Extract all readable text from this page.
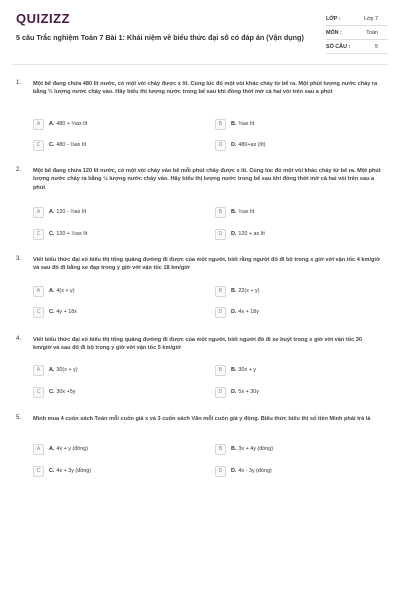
QUIZIZZ
5 câu Trắc nghiệm Toán 7 Bài 1: Khái niệm về biểu thức đại số có đáp án (Vận dụng)
LỚP :	Lớp 7
MÔN :	Toán
SỐ CÂU :	5
1. Một bể đang chứa 480 lít nước, có một vòi chảy được x lít. Cùng lúc đó một vòi khác chảy từ bể ra. Một phút lượng nước chảy ra bằng ⅓ lượng nước chảy vào. Hãy biểu thị lượng nước trong bể sau khi đồng thời mở cả hai vòi trên sau a phút
A	A. 480 + ⅔ax lít	B	B. ⅔ax lít
C	C. 480 - ⅔ax lít	D	D. 480+ax (lít)
2. Một bể đang chứa 120 lít nước, có một vòi chảy vào bể mỗi phút chảy được x lít. Cùng lúc đó một vòi khác chảy từ bể ra. Một phút lượng nước chảy ra bằng ½ lượng nước chảy vào. Hãy biểu thị lượng nước trong bể sau khi đồng thời mở cả hai vòi trên sau a phút
A	A. 120 - ½ax lít	B	B. ½ax lít
C	C. 120 + ½ax lít	D	D. 120 + ax lít
3. Viết biểu thức đại số biểu thị tổng quãng đường đi được của một người, biết rằng người đó đi bộ trong x giờ với vận tốc 4 km/giờ và sau đó đi bằng xe đạp trong y giờ với vận tốc 18 km/giờ
A	A. 4(x + y)	B	B. 22(x + y)
C	C. 4y + 18x	D	D. 4x + 18y
4. Viết biểu thức đại số biểu thị tổng quãng đường đi được của một người, biết người đó đi xe buýt trong x giờ với vận tốc 30 km/giờ và sau đó đi bộ trong y giờ với vận tốc 5 km/giờ
A	A. 30(x + y)	B	B. 30x + y
C	C. 30x +5y	D	D. 5x + 30y
5. Mình mua 4 cuốn sách Toán mỗi cuốn giá x và 3 cuốn sách Văn mỗi cuốn giá y đồng. Biểu thức biểu thị số tiền Minh phải trả là
A	A. 4x + y (đồng)	B	B. 3x + 4y (đồng)
C	C. 4x + 3y (đồng)	D	D. 4x - 3y (đồng)
